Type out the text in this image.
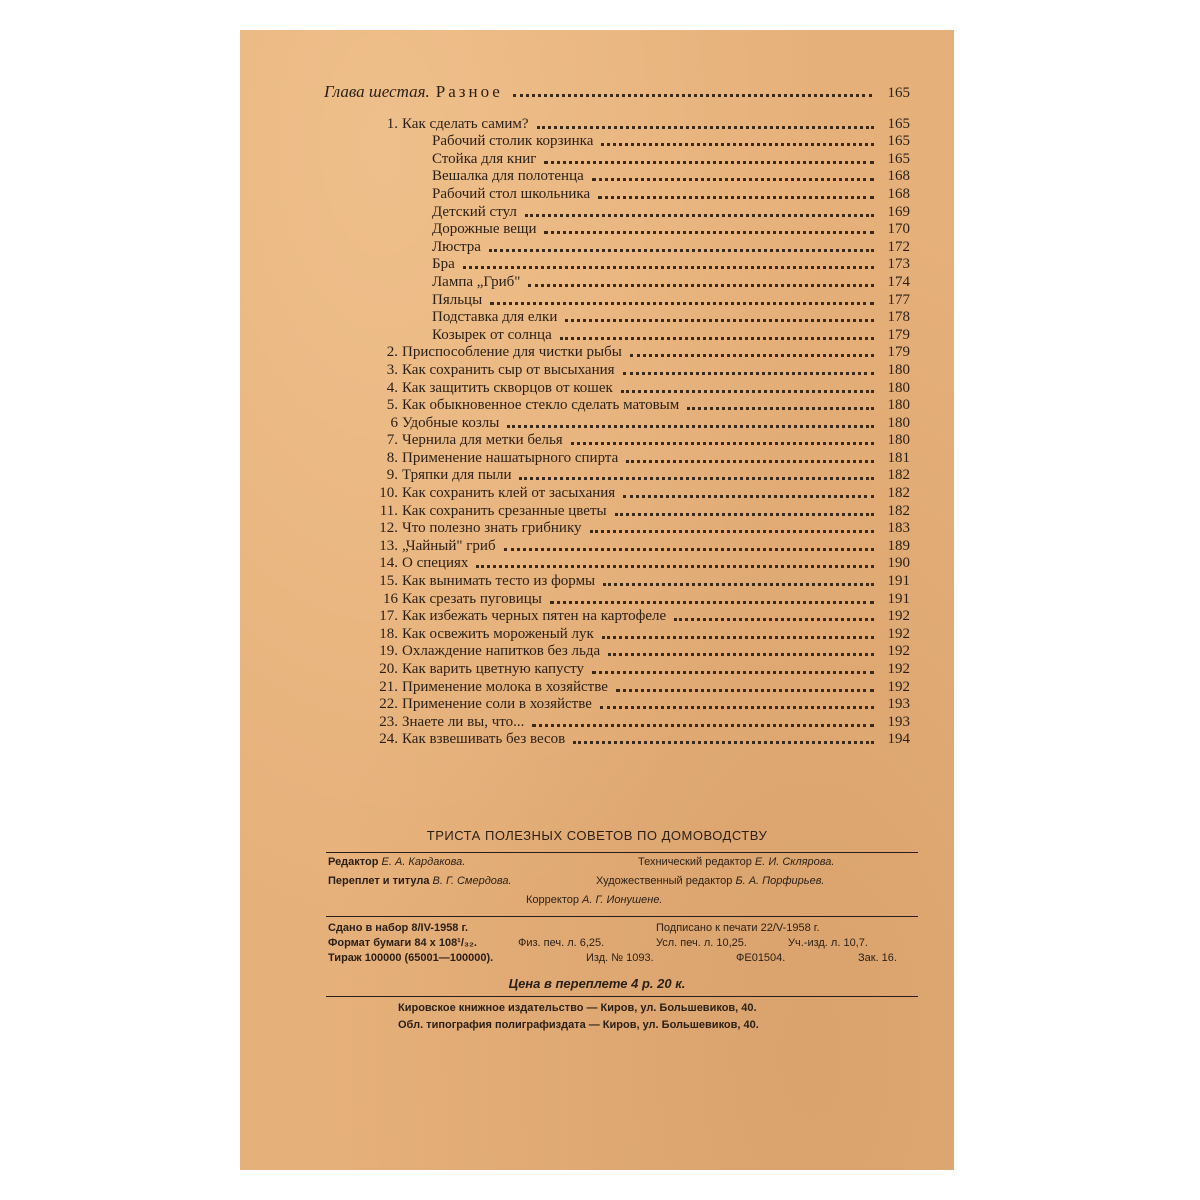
Глава шестая. Разное	165
1. Как сделать самим?	165
Рабочий столик корзинка	165
Стойка для книг	165
Вешалка для полотенца	168
Рабочий стол школьника	168
Детский стул	169
Дорожные вещи	170
Люстра	172
Бра	173
Лампа „Гриб"	174
Пяльцы	177
Подставка для елки	178
Козырек от солнца	179
2. Приспособление для чистки рыбы	179
3. Как сохранить сыр от высыхания	180
4. Как защитить скворцов от кошек	180
5. Как обыкновенное стекло сделать матовым	180
6 Удобные козлы	180
7. Чернила для метки белья	180
8. Применение нашатырного спирта	181
9. Тряпки для пыли	182
10. Как сохранить клей от засыхания	182
11. Как сохранить срезанные цветы	182
12. Что полезно знать грибнику	183
13. „Чайный" гриб	189
14. О специях	190
15. Как вынимать тесто из формы	191
16 Как срезать пуговицы	191
17. Как избежать черных пятен на картофеле	192
18. Как освежить мороженый лук	192
19. Охлаждение напитков без льда	192
20. Как варить цветную капусту	192
21. Применение молока в хозяйстве	192
22. Применение соли в хозяйстве	193
23. Знаете ли вы, что...	193
24. Как взвешивать без весов	194
ТРИСТА ПОЛЕЗНЫХ СОВЕТОВ ПО ДОМОВОДСТВУ
Редактор Е. А. Кардакова.	Технический редактор Е. И. Склярова.
Переплет и титула В. Г. Смердова.	Художественный редактор Б. А. Порфирьев.
Корректор А. Г. Ионушене.
Сдано в набор 8/IV-1958 г.	Подписано к печати 22/V-1958 г.
Формат бумаги 84 x 108¹/₃₂.	Физ. печ. л. 6,25.	Усл. печ. л. 10,25.	Уч.-изд. л. 10,7.
Тираж 100000 (65001—100000).	Изд. № 1093.	ФЕ01504.	Зак. 16.
Цена в переплете 4 р. 20 к.
Кировское книжное издательство — Киров, ул. Большевиков, 40.
Обл. типография полиграфиздата — Киров, ул. Большевиков, 40.
